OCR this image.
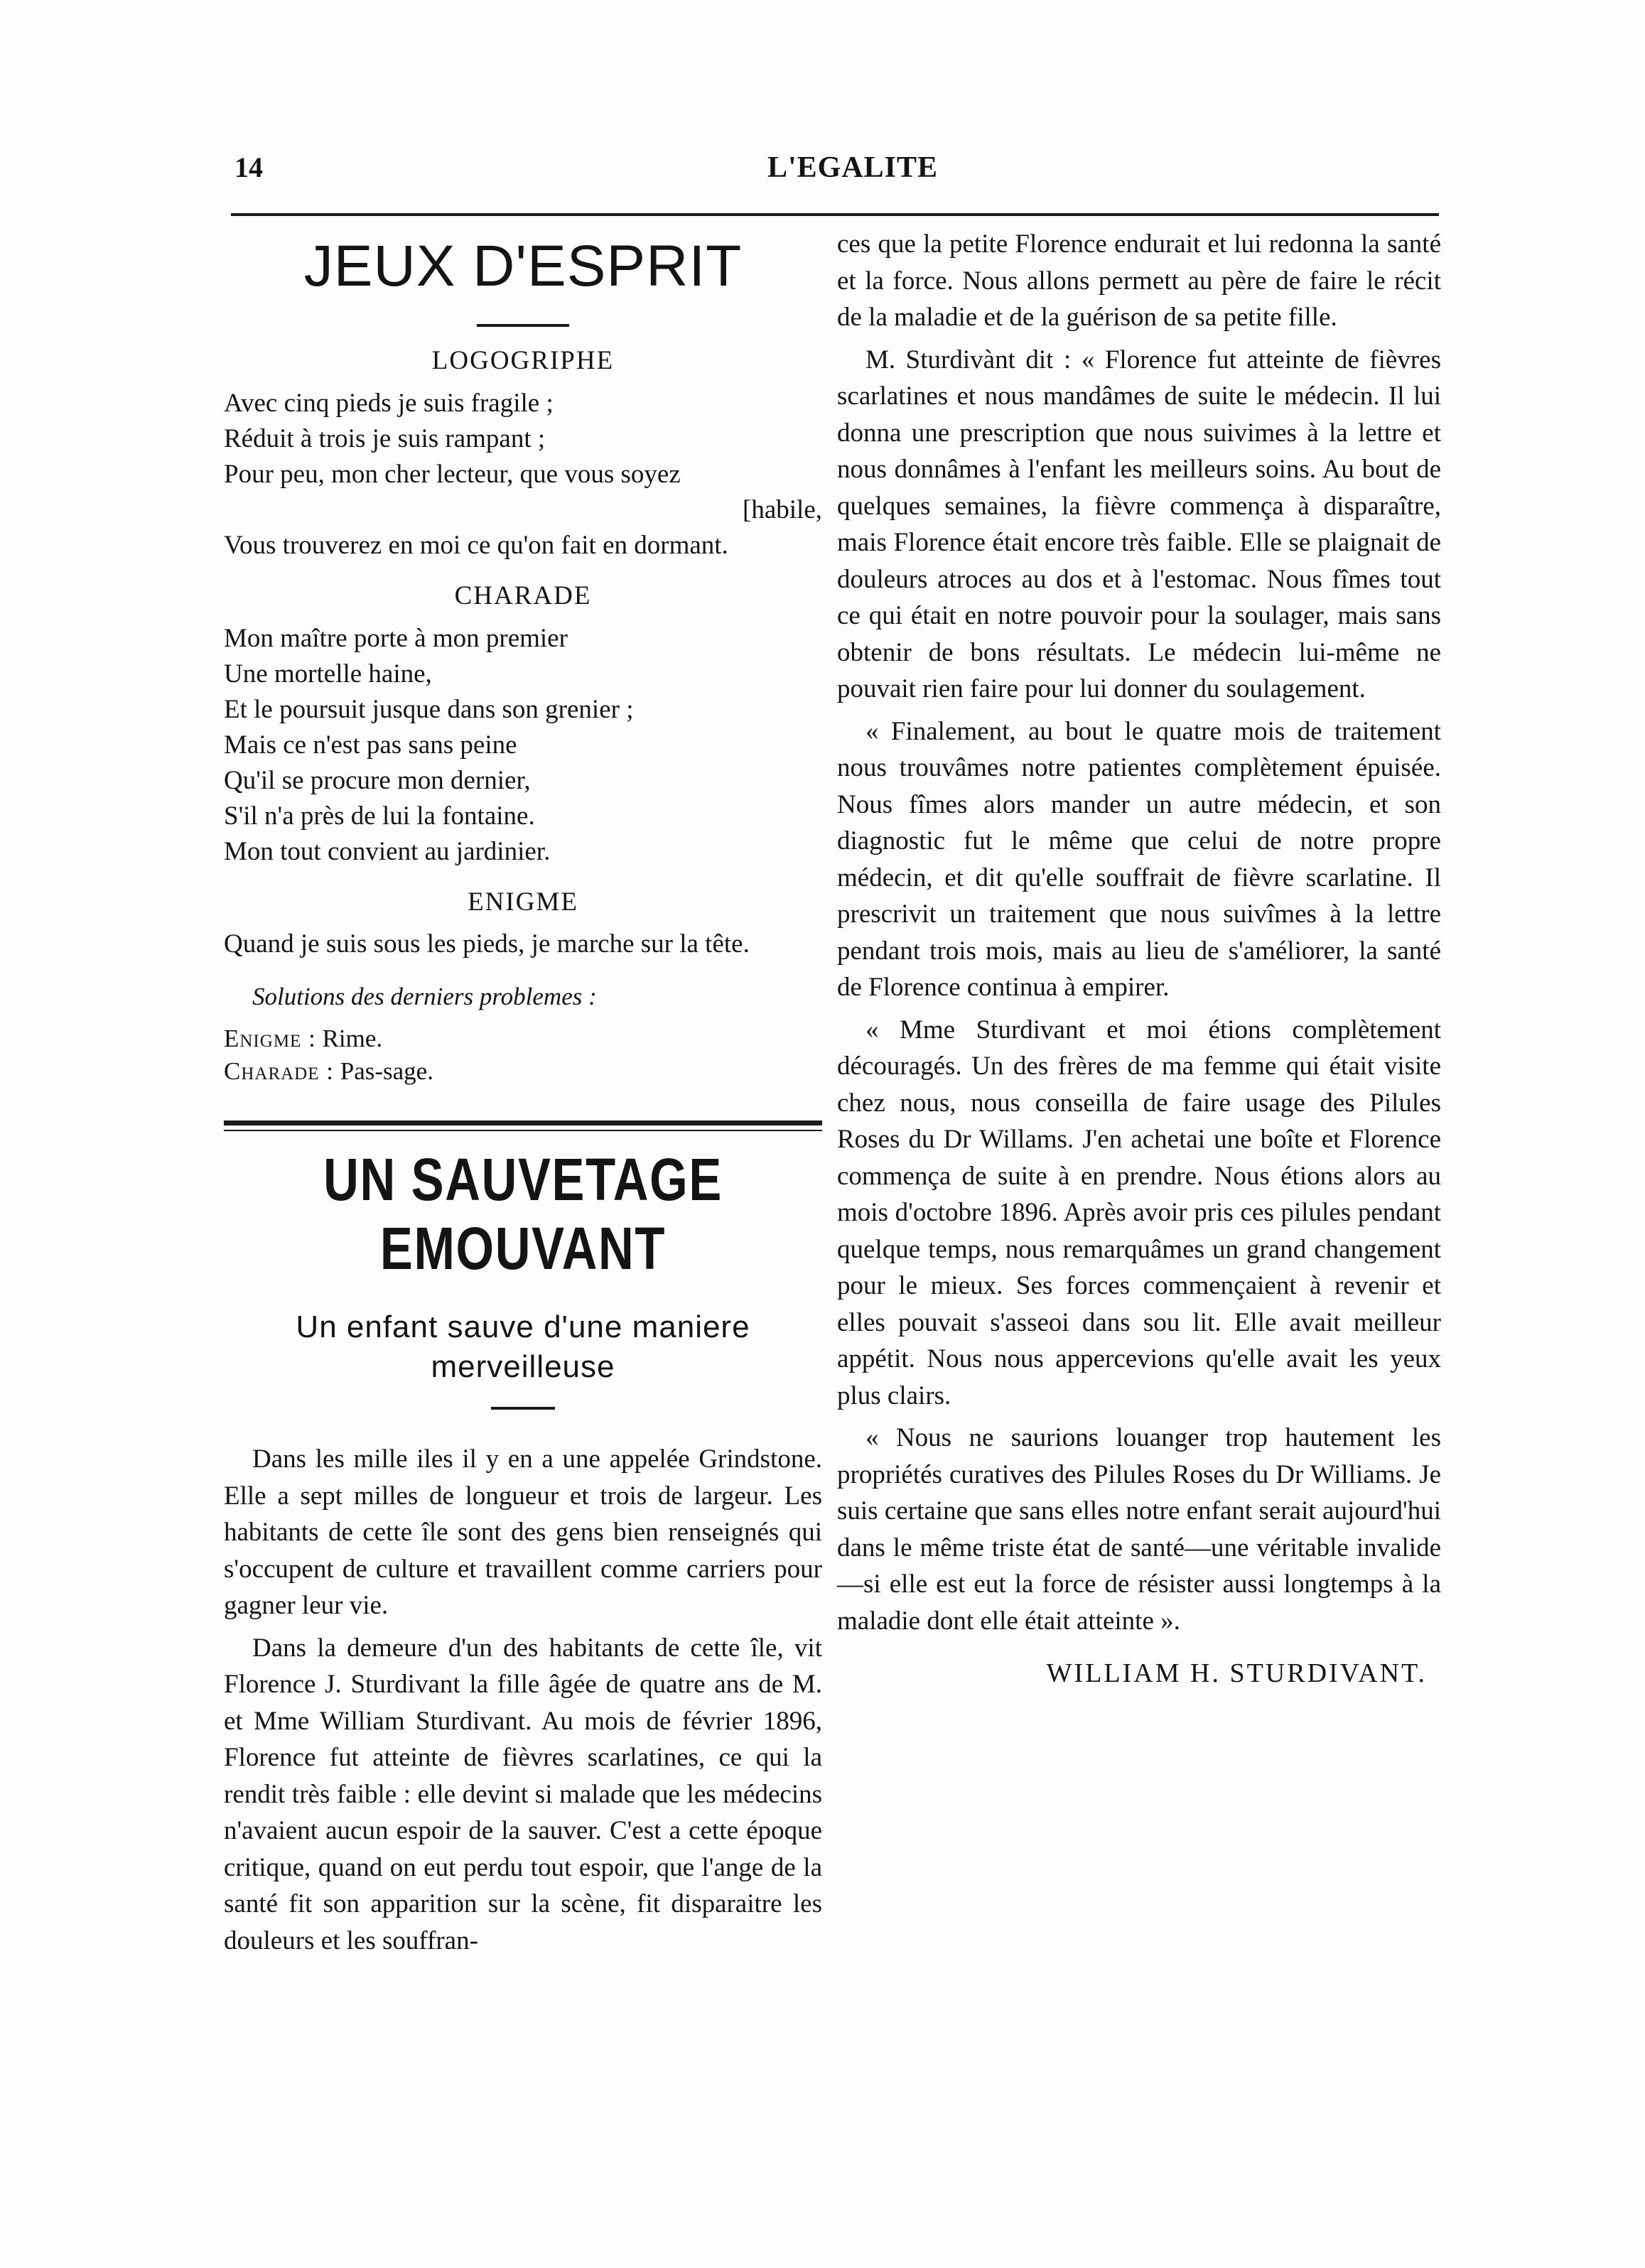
14	L'EGALITE
JEUX D'ESPRIT
LOGOGRIPHE
Avec cinq pieds je suis fragile ;
Réduit à trois je suis rampant ;
Pour peu, mon cher lecteur, que vous soyez
[habile,
Vous trouverez en moi ce qu'on fait en dormant.
CHARADE
Mon maître porte à mon premier
Une mortelle haine,
Et le poursuit jusque dans son grenier ;
Mais ce n'est pas sans peine
Qu'il se procure mon dernier,
S'il n'a près de lui la fontaine.
Mon tout convient au jardinier.
ENIGME

Quand je suis sous les pieds, je marche sur la tête.

Solutions des derniers problemes :

Enigme : Rime.

Charade : Pas-sage.

UN SAUVETAGE EMOUVANT

Un enfant sauve d'une maniere merveilleuse

Dans les mille iles il y en a une appelée Grindstone. Elle a sept milles de longueur et trois de largeur. Les habitants de cette île sont des gens bien renseignés qui s'occupent de culture et travaillent comme carriers pour gagner leur vie.

Dans la demeure d'un des habitants de cette île, vit Florence J. Sturdivant la fille âgée de quatre ans de M. et Mme William Sturdivant. Au mois de février 1896, Florence fut atteinte de fièvres scarlatines, ce qui la rendit très faible : elle devint si malade que les médecins n'avaient aucun espoir de la sauver. C'est a cette époque critique, quand on eut perdu tout espoir, que l'ange de la santé fit son apparition sur la scène, fit disparaitre les douleurs et les souffran-

ces que la petite Florence endurait et lui redonna la santé et la force. Nous allons permett au père de faire le récit de la maladie et de la guérison de sa petite fille.

M. Sturdivànt dit : « Florence fut atteinte de fièvres scarlatines et nous mandâmes de suite le médecin. Il lui donna une prescription que nous suivimes à la lettre et nous donnâmes à l'enfant les meilleurs soins. Au bout de quelques semaines, la fièvre commença à disparaître, mais Florence était encore très faible. Elle se plaignait de douleurs atroces au dos et à l'estomac. Nous fîmes tout ce qui était en notre pouvoir pour la soulager, mais sans obtenir de bons résultats. Le médecin lui-même ne pouvait rien faire pour lui donner du soulagement.

« Finalement, au bout le quatre mois de traitement nous trouvâmes notre patientes complètement épuisée. Nous fîmes alors mander un autre médecin, et son diagnostic fut le même que celui de notre propre médecin, et dit qu'elle souffrait de fièvre scarlatine. Il prescrivit un traitement que nous suivîmes à la lettre pendant trois mois, mais au lieu de s'améliorer, la santé de Florence continua à empirer.

« Mme Sturdivant et moi étions complètement découragés. Un des frères de ma femme qui était visite chez nous, nous conseilla de faire usage des Pilules Roses du Dr Willams. J'en achetai une boîte et Florence commença de suite à en prendre. Nous étions alors au mois d'octobre 1896. Après avoir pris ces pilules pendant quelque temps, nous remarquâmes un grand changement pour le mieux. Ses forces commençaient à revenir et elles pouvait s'asseoi dans sou lit. Elle avait meilleur appétit. Nous nous appercevions qu'elle avait les yeux plus clairs.

« Nous ne saurions louanger trop hautement les propriétés curatives des Pilules Roses du Dr Williams. Je suis certaine que sans elles notre enfant serait aujourd'hui dans le même triste état de santé—une véritable invalide—si elle est eut la force de résister aussi longtemps à la maladie dont elle était atteinte ».

WILLIAM H. STURDIVANT.
